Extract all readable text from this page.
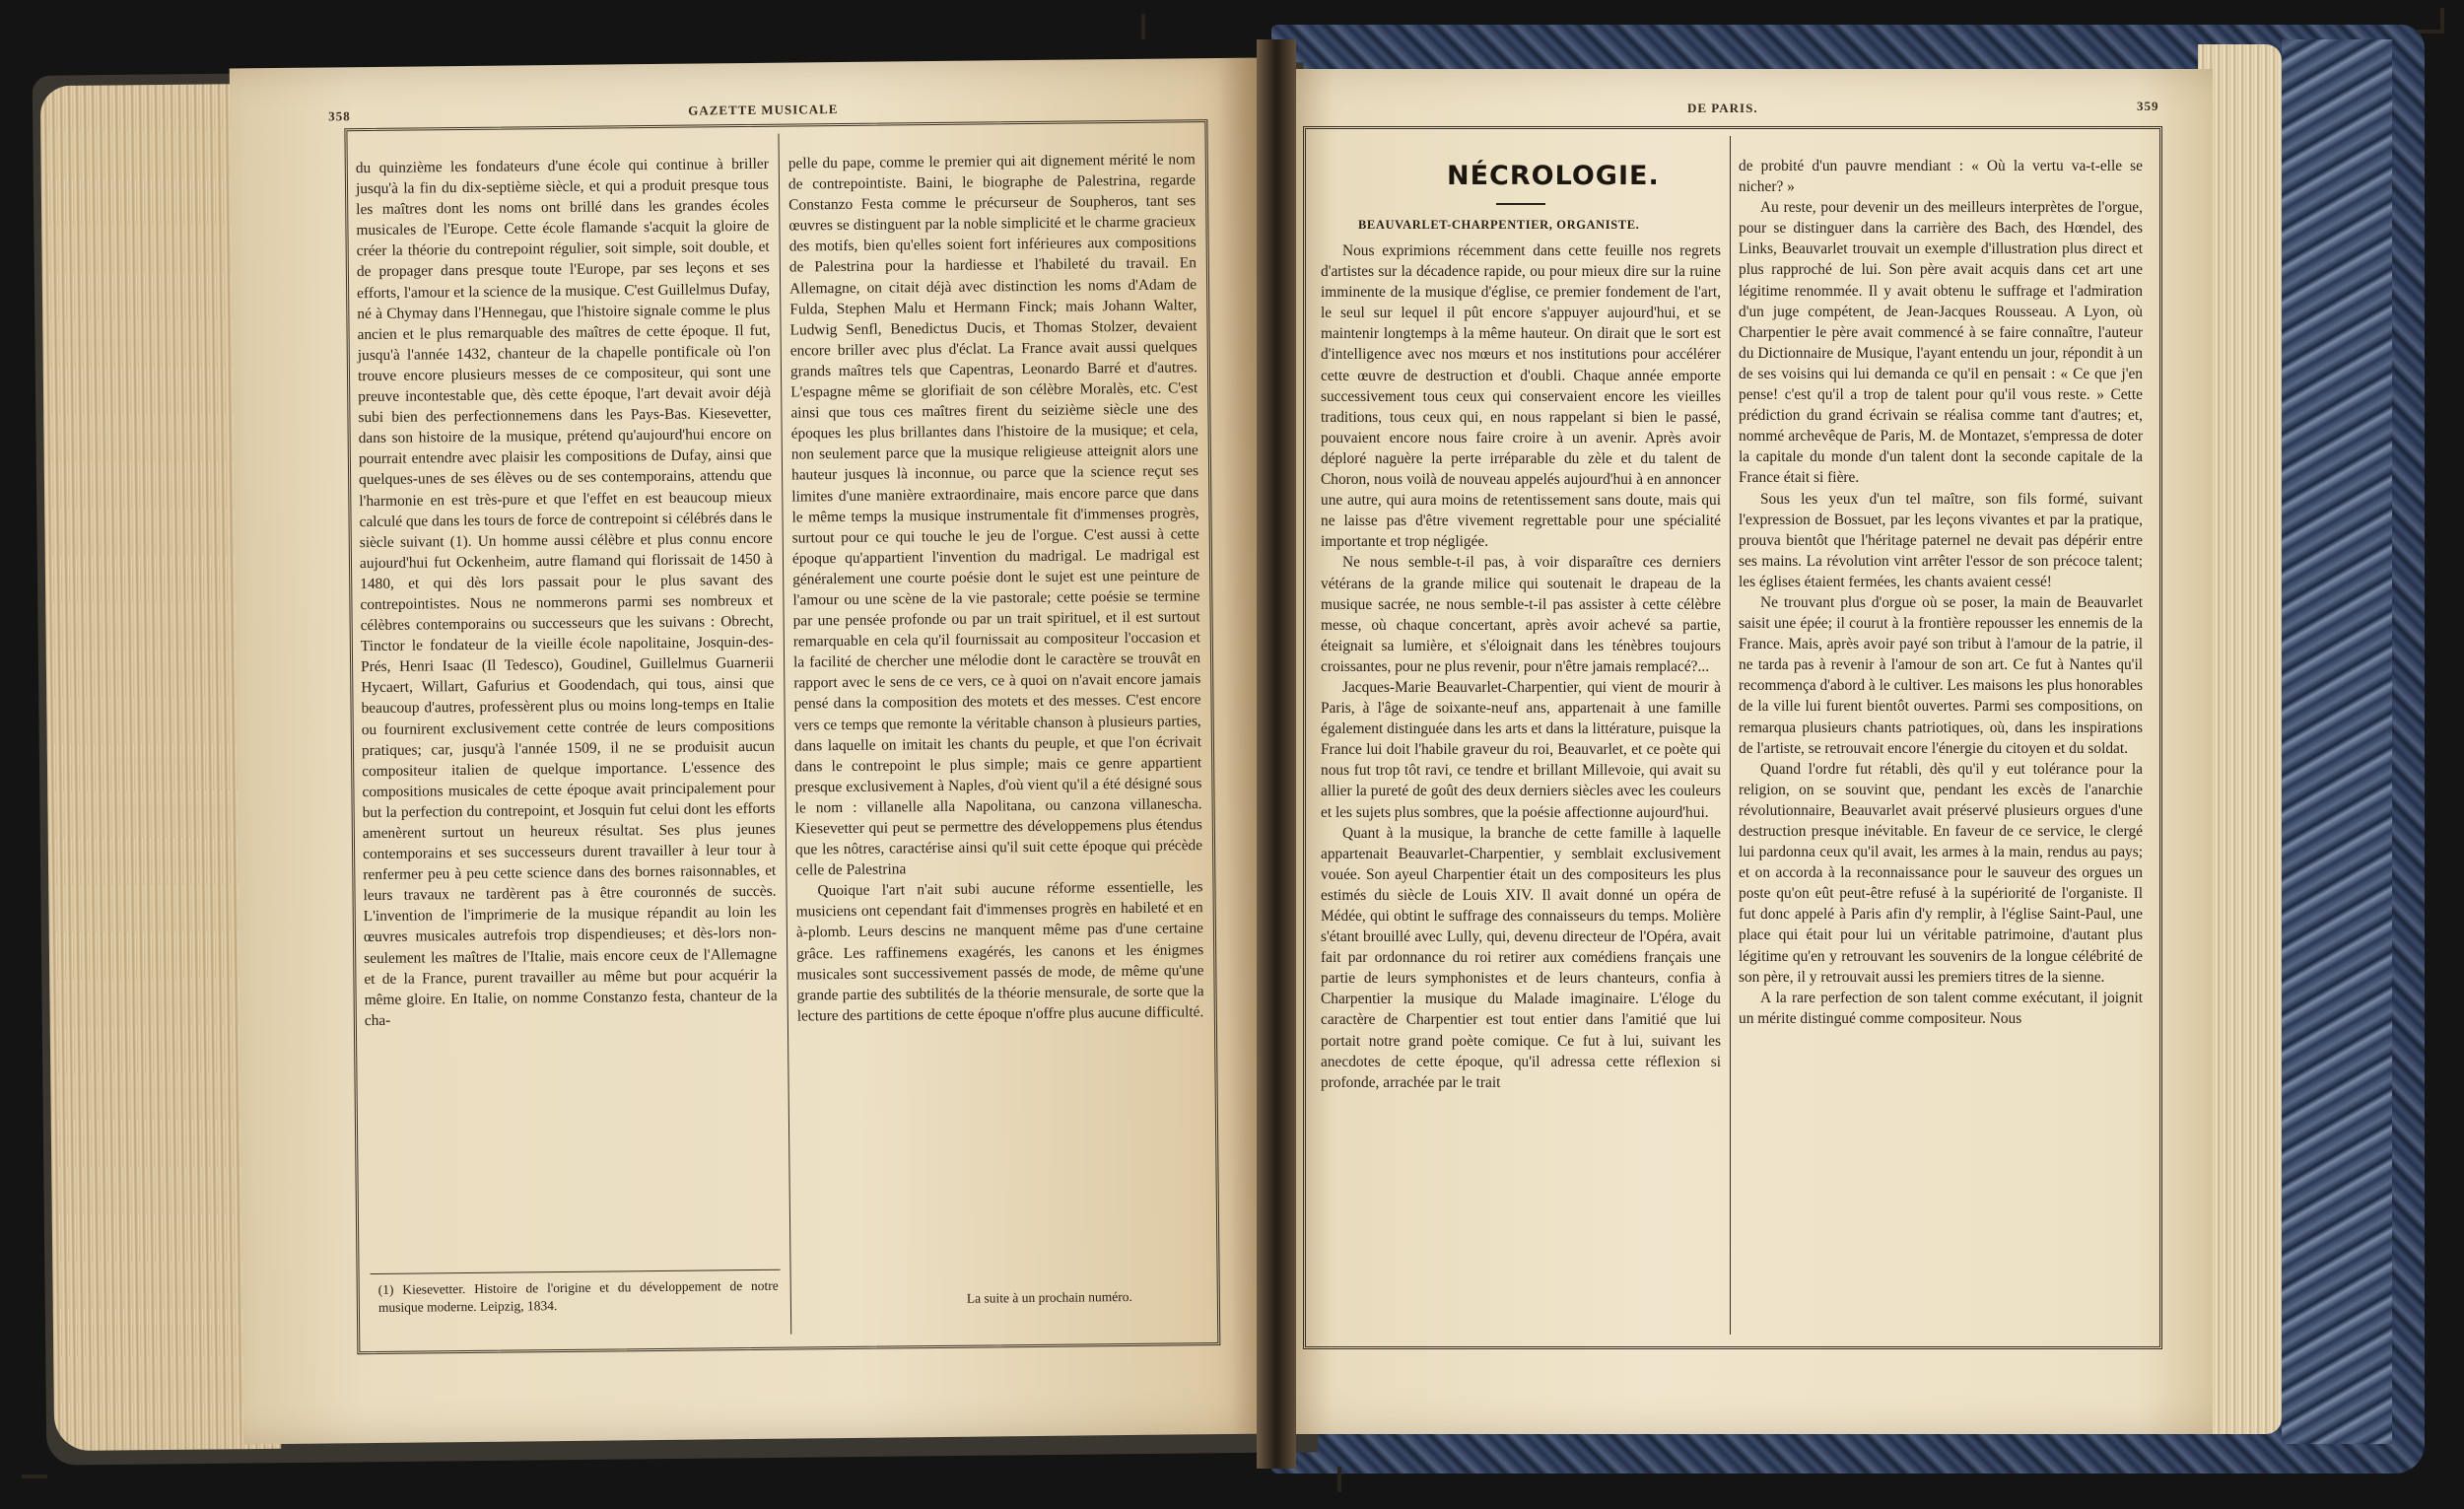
358	GAZETTE MUSICALE

du quinzième les fondateurs d'une école qui continue à briller jusqu'à la fin du dix-septième siècle, et qui a produit presque tous les maîtres dont les noms ont brillé dans les grandes écoles musicales de l'Europe. Cette école flamande s'acquit la gloire de créer la théorie du contrepoint régulier, soit simple, soit double, et de propager dans presque toute l'Europe, par ses leçons et ses efforts, l'amour et la science de la musique. C'est Guillelmus Dufay, né à Chymay dans l'Hennegau, que l'histoire signale comme le plus ancien et le plus remarquable des maîtres de cette époque. Il fut, jusqu'à l'année 1432, chanteur de la chapelle pontificale où l'on trouve encore plusieurs messes de ce compositeur, qui sont une preuve incontestable que, dès cette époque, l'art devait avoir déjà subi bien des perfectionnemens dans les Pays-Bas. Kiesevetter, dans son histoire de la musique, prétend qu'aujourd'hui encore on pourrait entendre avec plaisir les compositions de Dufay, ainsi que quelques-unes de ses élèves ou de ses contemporains, attendu que l'harmonie en est très-pure et que l'effet en est beaucoup mieux calculé que dans les tours de force de contrepoint si célébrés dans le siècle suivant (1). Un homme aussi célèbre et plus connu encore aujourd'hui fut Ockenheim, autre flamand qui florissait de 1450 à 1480, et qui dès lors passait pour le plus savant des contrepointistes. Nous ne nommerons parmi ses nombreux et célèbres contemporains ou successeurs que les suivans : Obrecht, Tinctor le fondateur de la vieille école napolitaine, Josquin-des-Prés, Henri Isaac (Il Tedesco), Goudinel, Guillelmus Guarnerii Hycaert, Willart, Gafurius et Goodendach, qui tous, ainsi que beaucoup d'autres, professèrent plus ou moins long-temps en Italie ou fournirent exclusivement cette contrée de leurs compositions pratiques; car, jusqu'à l'année 1509, il ne se produisit aucun compositeur italien de quelque importance. L'essence des compositions musicales de cette époque avait principalement pour but la perfection du contrepoint, et Josquin fut celui dont les efforts amenèrent surtout un heureux résultat. Ses plus jeunes contemporains et ses successeurs durent travailler à leur tour à renfermer peu à peu cette science dans des bornes raisonnables, et leurs travaux ne tardèrent pas à être couronnés de succès. L'invention de l'imprimerie de la musique répandit au loin les œuvres musicales autrefois trop dispendieuses; et dès-lors non-seulement les maîtres de l'Italie, mais encore ceux de l'Allemagne et de la France, purent travailler au même but pour acquérir la même gloire. En Italie, on nomme Constanzo festa, chanteur de la cha-

(1) Kiesevetter. Histoire de l'origine et du développement de notre musique moderne. Leipzig, 1834.

pelle du pape, comme le premier qui ait dignement mérité le nom de contrepointiste. Baini, le biographe de Palestrina, regarde Constanzo Festa comme le précurseur de Soupheros, tant ses œuvres se distinguent par la noble simplicité et le charme gracieux des motifs, bien qu'elles soient fort inférieures aux compositions de Palestrina pour la hardiesse et l'habileté du travail. En Allemagne, on citait déjà avec distinction les noms d'Adam de Fulda, Stephen Malu et Hermann Finck; mais Johann Walter, Ludwig Senfl, Benedictus Ducis, et Thomas Stolzer, devaient encore briller avec plus d'éclat. La France avait aussi quelques grands maîtres tels que Capentras, Leonardo Barré et d'autres. L'espagne même se glorifiait de son célèbre Moralès, etc. C'est ainsi que tous ces maîtres firent du seizième siècle une des époques les plus brillantes dans l'histoire de la musique; et cela, non seulement parce que la musique religieuse atteignit alors une hauteur jusques là inconnue, ou parce que la science reçut ses limites d'une manière extraordinaire, mais encore parce que dans le même temps la musique instrumentale fit d'immenses progrès, surtout pour ce qui touche le jeu de l'orgue. C'est aussi à cette époque qu'appartient l'invention du madrigal. Le madrigal est généralement une courte poésie dont le sujet est une peinture de l'amour ou une scène de la vie pastorale; cette poésie se termine par une pensée profonde ou par un trait spirituel, et il est surtout remarquable en cela qu'il fournissait au compositeur l'occasion et la facilité de chercher une mélodie dont le caractère se trouvât en rapport avec le sens de ce vers, ce à quoi on n'avait encore jamais pensé dans la composition des motets et des messes. C'est encore vers ce temps que remonte la véritable chanson à plusieurs parties, dans laquelle on imitait les chants du peuple, et que l'on écrivait dans le contrepoint le plus simple; mais ce genre appartient presque exclusivement à Naples, d'où vient qu'il a été désigné sous le nom : villanelle alla Napolitana, ou canzona villanescha. Kiesevetter qui peut se permettre des développemens plus étendus que les nôtres, caractérise ainsi qu'il suit cette époque qui précède celle de Palestrina

Quoique l'art n'ait subi aucune réforme essentielle, les musiciens ont cependant fait d'immenses progrès en habileté et en à-plomb. Leurs descins ne manquent même pas d'une certaine grâce. Les raffinemens exagérés, les canons et les énigmes musicales sont successivement passés de mode, de même qu'une grande partie des subtilités de la théorie mensurale, de sorte que la lecture des partitions de cette époque n'offre plus aucune difficulté.

La suite à un prochain numéro.
DE PARIS.	359
NÉCROLOGIE.
BEAUVARLET-CHARPENTIER, ORGANISTE.

Nous exprimions récemment dans cette feuille nos regrets d'artistes sur la décadence rapide, ou pour mieux dire sur la ruine imminente de la musique d'église, ce premier fondement de l'art, le seul sur lequel il pût encore s'appuyer aujourd'hui, et se maintenir longtemps à la même hauteur. On dirait que le sort est d'intelligence avec nos mœurs et nos institutions pour accélérer cette œuvre de destruction et d'oubli. Chaque année emporte successivement tous ceux qui conservaient encore les vieilles traditions, tous ceux qui, en nous rappelant si bien le passé, pouvaient encore nous faire croire à un avenir. Après avoir déploré naguère la perte irréparable du zèle et du talent de Choron, nous voilà de nouveau appelés aujourd'hui à en annoncer une autre, qui aura moins de retentissement sans doute, mais qui ne laisse pas d'être vivement regrettable pour une spécialité importante et trop négligée.

Ne nous semble-t-il pas, à voir disparaître ces derniers vétérans de la grande milice qui soutenait le drapeau de la musique sacrée, ne nous semble-t-il pas assister à cette célèbre messe, où chaque concertant, après avoir achevé sa partie, éteignait sa lumière, et s'éloignait dans les ténèbres toujours croissantes, pour ne plus revenir, pour n'être jamais remplacé?...

Jacques-Marie Beauvarlet-Charpentier, qui vient de mourir à Paris, à l'âge de soixante-neuf ans, appartenait à une famille également distinguée dans les arts et dans la littérature, puisque la France lui doit l'habile graveur du roi, Beauvarlet, et ce poète qui nous fut trop tôt ravi, ce tendre et brillant Millevoie, qui avait su allier la pureté de goût des deux derniers siècles avec les couleurs et les sujets plus sombres, que la poésie affectionne aujourd'hui.

Quant à la musique, la branche de cette famille à laquelle appartenait Beauvarlet-Charpentier, y semblait exclusivement vouée. Son ayeul Charpentier était un des compositeurs les plus estimés du siècle de Louis XIV. Il avait donné un opéra de Médée, qui obtint le suffrage des connaisseurs du temps. Molière s'étant brouillé avec Lully, qui, devenu directeur de l'Opéra, avait fait par ordonnance du roi retirer aux comédiens français une partie de leurs symphonistes et de leurs chanteurs, confia à Charpentier la musique du Malade imaginaire. L'éloge du caractère de Charpentier est tout entier dans l'amitié que lui portait notre grand poète comique. Ce fut à lui, suivant les anecdotes de cette époque, qu'il adressa cette réflexion si profonde, arrachée par le trait

de probité d'un pauvre mendiant : « Où la vertu va-t-elle se nicher? »

Au reste, pour devenir un des meilleurs interprètes de l'orgue, pour se distinguer dans la carrière des Bach, des Hœndel, des Links, Beauvarlet trouvait un exemple d'illustration plus direct et plus rapproché de lui. Son père avait acquis dans cet art une légitime renommée. Il y avait obtenu le suffrage et l'admiration d'un juge compétent, de Jean-Jacques Rousseau. A Lyon, où Charpentier le père avait commencé à se faire connaître, l'auteur du Dictionnaire de Musique, l'ayant entendu un jour, répondit à un de ses voisins qui lui demanda ce qu'il en pensait : « Ce que j'en pense! c'est qu'il a trop de talent pour qu'il vous reste. » Cette prédiction du grand écrivain se réalisa comme tant d'autres; et, nommé archevêque de Paris, M. de Montazet, s'empressa de doter la capitale du monde d'un talent dont la seconde capitale de la France était si fière.

Sous les yeux d'un tel maître, son fils formé, suivant l'expression de Bossuet, par les leçons vivantes et par la pratique, prouva bientôt que l'héritage paternel ne devait pas dépérir entre ses mains. La révolution vint arrêter l'essor de son précoce talent; les églises étaient fermées, les chants avaient cessé!

Ne trouvant plus d'orgue où se poser, la main de Beauvarlet saisit une épée; il courut à la frontière repousser les ennemis de la France. Mais, après avoir payé son tribut à l'amour de la patrie, il ne tarda pas à revenir à l'amour de son art. Ce fut à Nantes qu'il recommença d'abord à le cultiver. Les maisons les plus honorables de la ville lui furent bientôt ouvertes. Parmi ses compositions, on remarqua plusieurs chants patriotiques, où, dans les inspirations de l'artiste, se retrouvait encore l'énergie du citoyen et du soldat.

Quand l'ordre fut rétabli, dès qu'il y eut tolérance pour la religion, on se souvint que, pendant les excès de l'anarchie révolutionnaire, Beauvarlet avait préservé plusieurs orgues d'une destruction presque inévitable. En faveur de ce service, le clergé lui pardonna ceux qu'il avait, les armes à la main, rendus au pays; et on accorda à la reconnaissance pour le sauveur des orgues un poste qu'on eût peut-être refusé à la supériorité de l'organiste. Il fut donc appelé à Paris afin d'y remplir, à l'église Saint-Paul, une place qui était pour lui un véritable patrimoine, d'autant plus légitime qu'en y retrouvant les souvenirs de la longue célébrité de son père, il y retrouvait aussi les premiers titres de la sienne.

A la rare perfection de son talent comme exécutant, il joignit un mérite distingué comme compositeur. Nous
